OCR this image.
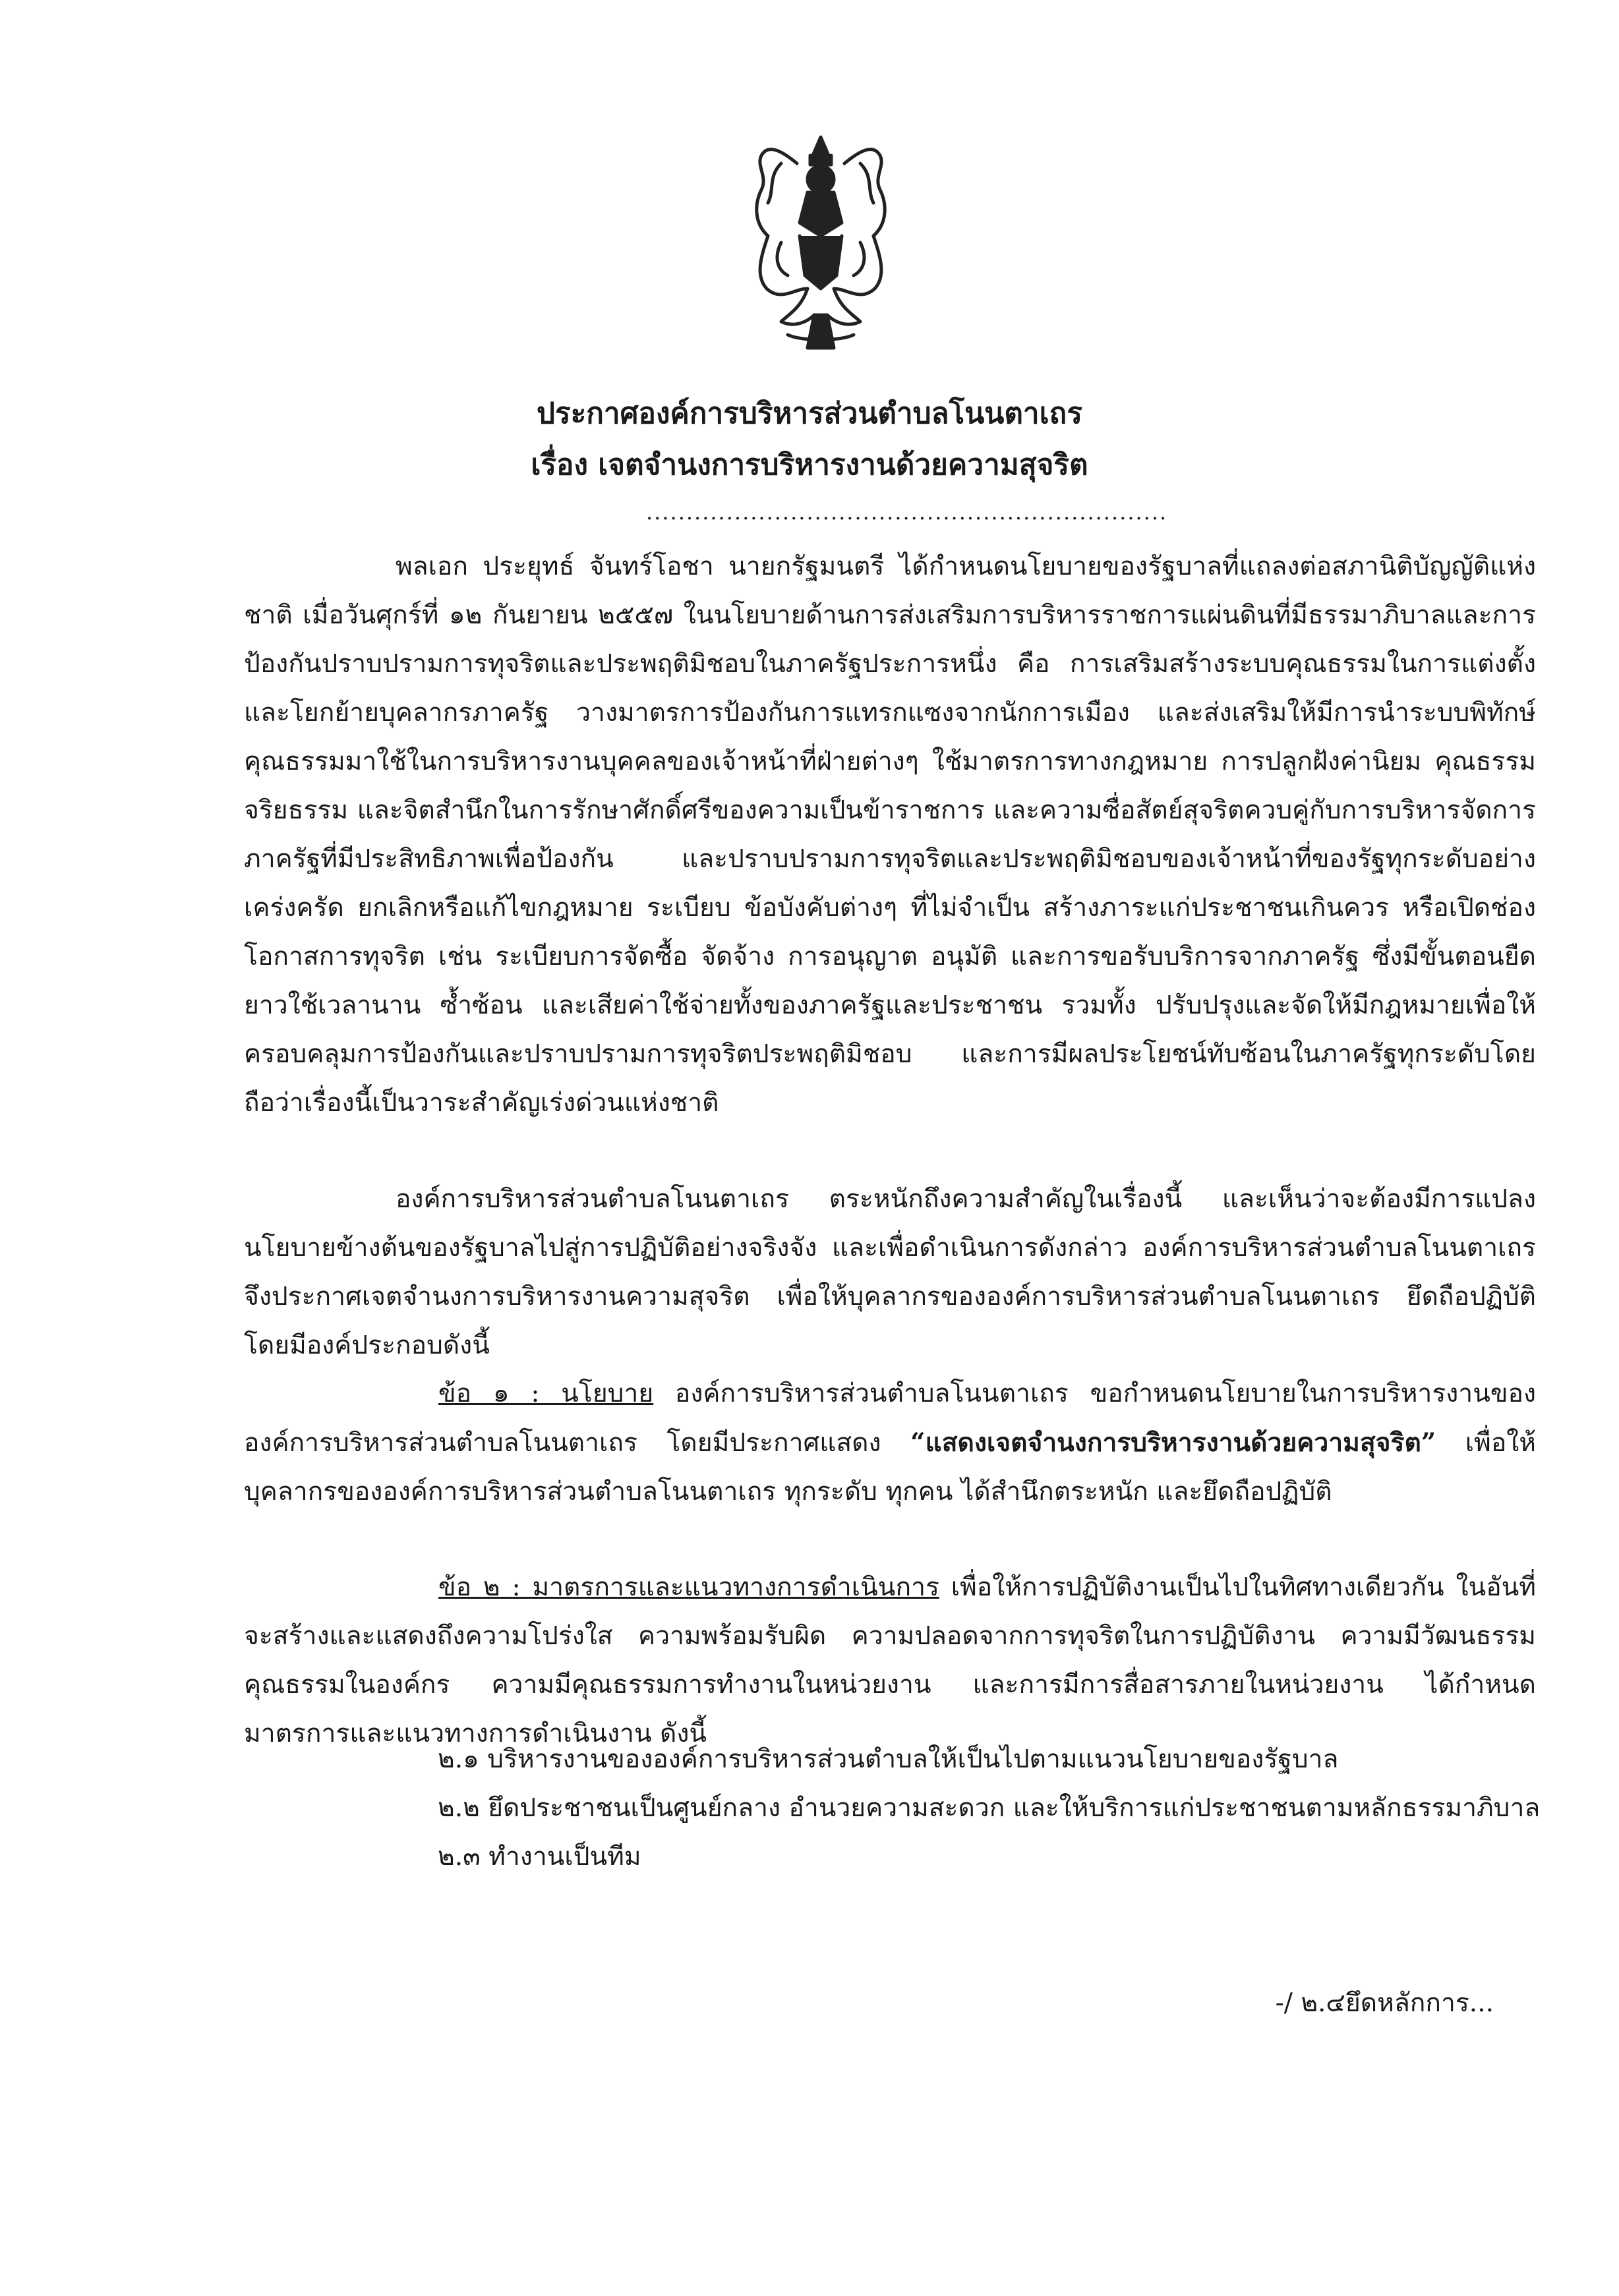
ประกาศองค์การบริหารส่วนตำบลโนนตาเถร
เรื่อง เจตจำนงการบริหารงานด้วยความสุจริต
.................................................................

พลเอก ประยุทธ์ จันทร์โอชา นายกรัฐมนตรี ได้กำหนดนโยบายของรัฐบาลที่แถลงต่อสภานิติบัญญัติแห่งชาติ เมื่อวันศุกร์ที่ ๑๒ กันยายน ๒๕๕๗ ในนโยบายด้านการส่งเสริมการบริหารราชการแผ่นดินที่มีธรรมาภิบาลและการป้องกันปราบปรามการทุจริตและประพฤติมิชอบในภาครัฐประการหนึ่ง คือ การเสริมสร้างระบบคุณธรรมในการแต่งตั้งและโยกย้ายบุคลากรภาครัฐ วางมาตรการป้องกันการแทรกแซงจากนักการเมือง และส่งเสริมให้มีการนำระบบพิทักษ์คุณธรรมมาใช้ในการบริหารงานบุคคลของเจ้าหน้าที่ฝ่ายต่างๆ ใช้มาตรการทางกฎหมาย การปลูกฝังค่านิยม คุณธรรม จริยธรรม และจิตสำนึกในการรักษาศักดิ์ศรีของความเป็นข้าราชการ และความซื่อสัตย์สุจริตควบคู่กับการบริหารจัดการภาครัฐที่มีประสิทธิภาพเพื่อป้องกัน และปราบปรามการทุจริตและประพฤติมิชอบของเจ้าหน้าที่ของรัฐทุกระดับอย่างเคร่งครัด ยกเลิกหรือแก้ไขกฎหมาย ระเบียบ ข้อบังคับต่างๆ ที่ไม่จำเป็น สร้างภาระแก่ประชาชนเกินควร หรือเปิดช่องโอกาสการทุจริต เช่น ระเบียบการจัดซื้อ จัดจ้าง การอนุญาต อนุมัติ และการขอรับบริการจากภาครัฐ ซึ่งมีขั้นตอนยืดยาวใช้เวลานาน ซ้ำซ้อน และเสียค่าใช้จ่ายทั้งของภาครัฐและประชาชน รวมทั้ง ปรับปรุงและจัดให้มีกฎหมายเพื่อให้ครอบคลุมการป้องกันและปราบปรามการทุจริตประพฤติมิชอบ และการมีผลประโยชน์ทับซ้อนในภาครัฐทุกระดับโดยถือว่าเรื่องนี้เป็นวาระสำคัญเร่งด่วนแห่งชาติ

องค์การบริหารส่วนตำบลโนนตาเถร ตระหนักถึงความสำคัญในเรื่องนี้ และเห็นว่าจะต้องมีการแปลงนโยบายข้างต้นของรัฐบาลไปสู่การปฏิบัติอย่างจริงจัง และเพื่อดำเนินการดังกล่าว องค์การบริหารส่วนตำบลโนนตาเถร จึงประกาศเจตจำนงการบริหารงานความสุจริต เพื่อให้บุคลากรขององค์การบริหารส่วนตำบลโนนตาเถร ยึดถือปฏิบัติ โดยมีองค์ประกอบดังนี้

ข้อ ๑ : นโยบาย องค์การบริหารส่วนตำบลโนนตาเถร ขอกำหนดนโยบายในการบริหารงานขององค์การบริหารส่วนตำบลโนนตาเถร โดยมีประกาศแสดง “แสดงเจตจำนงการบริหารงานด้วยความสุจริต” เพื่อให้บุคลากรขององค์การบริหารส่วนตำบลโนนตาเถร ทุกระดับ ทุกคน ได้สำนึกตระหนัก และยึดถือปฏิบัติ

ข้อ ๒ : มาตรการและแนวทางการดำเนินการ เพื่อให้การปฏิบัติงานเป็นไปในทิศทางเดียวกัน ในอันที่จะสร้างและแสดงถึงความโปร่งใส ความพร้อมรับผิด ความปลอดจากการทุจริตในการปฏิบัติงาน ความมีวัฒนธรรมคุณธรรมในองค์กร ความมีคุณธรรมการทำงานในหน่วยงาน และการมีการสื่อสารภายในหน่วยงาน ได้กำหนดมาตรการและแนวทางการดำเนินงาน ดังนี้

๒.๑ บริหารงานขององค์การบริหารส่วนตำบลให้เป็นไปตามแนวนโยบายของรัฐบาล
๒.๒ ยึดประชาชนเป็นศูนย์กลาง อำนวยความสะดวก และให้บริการแก่ประชาชนตามหลักธรรมาภิบาล
๒.๓ ทำงานเป็นทีม
-/ ๒.๔ยึดหลักการ...
